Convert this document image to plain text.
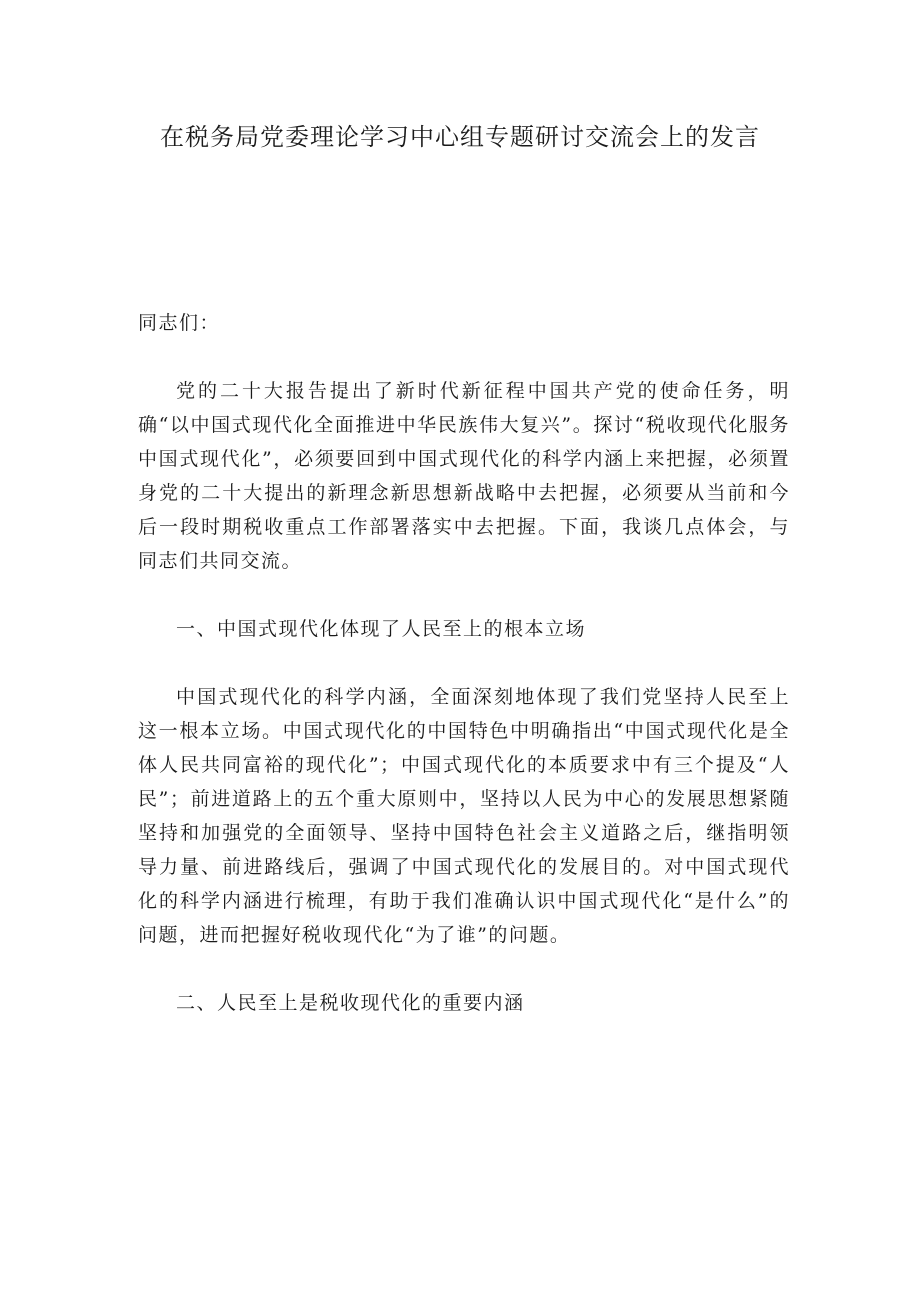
在税务局党委理论学习中心组专题研讨交流会上的发言

同志们：

党的二十大报告提出了新时代新征程中国共产党的使命任务，明确“以中国式现代化全面推进中华民族伟大复兴”。探讨“税收现代化服务中国式现代化”，必须要回到中国式现代化的科学内涵上来把握，必须置身党的二十大提出的新理念新思想新战略中去把握，必须要从当前和今后一段时期税收重点工作部署落实中去把握。下面，我谈几点体会，与同志们共同交流。

一、中国式现代化体现了人民至上的根本立场

中国式现代化的科学内涵，全面深刻地体现了我们党坚持人民至上这一根本立场。中国式现代化的中国特色中明确指出“中国式现代化是全体人民共同富裕的现代化”；中国式现代化的本质要求中有三个提及“人民”；前进道路上的五个重大原则中，坚持以人民为中心的发展思想紧随坚持和加强党的全面领导、坚持中国特色社会主义道路之后，继指明领导力量、前进路线后，强调了中国式现代化的发展目的。对中国式现代化的科学内涵进行梳理，有助于我们准确认识中国式现代化“是什么”的问题，进而把握好税收现代化“为了谁”的问题。

二、人民至上是税收现代化的重要内涵
